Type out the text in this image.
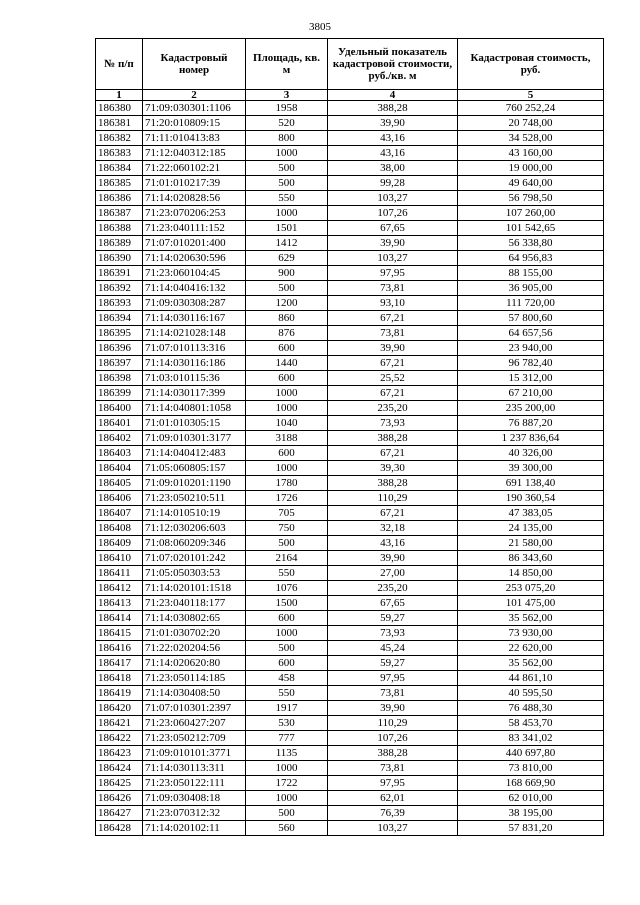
3805
№ п/п	Кадастровый номер	Площадь, кв. м	Удельный показатель кадастровой стоимости, руб./кв. м	Кадастровая стоимость, руб.
1	2	3	4	5
186380	71:09:030301:1106	1958	388,28	760 252,24
186381	71:20:010809:15	520	39,90	20 748,00
186382	71:11:010413:83	800	43,16	34 528,00
186383	71:12:040312:185	1000	43,16	43 160,00
186384	71:22:060102:21	500	38,00	19 000,00
186385	71:01:010217:39	500	99,28	49 640,00
186386	71:14:020828:56	550	103,27	56 798,50
186387	71:23:070206:253	1000	107,26	107 260,00
186388	71:23:040111:152	1501	67,65	101 542,65
186389	71:07:010201:400	1412	39,90	56 338,80
186390	71:14:020630:596	629	103,27	64 956,83
186391	71:23:060104:45	900	97,95	88 155,00
186392	71:14:040416:132	500	73,81	36 905,00
186393	71:09:030308:287	1200	93,10	111 720,00
186394	71:14:030116:167	860	67,21	57 800,60
186395	71:14:021028:148	876	73,81	64 657,56
186396	71:07:010113:316	600	39,90	23 940,00
186397	71:14:030116:186	1440	67,21	96 782,40
186398	71:03:010115:36	600	25,52	15 312,00
186399	71:14:030117:399	1000	67,21	67 210,00
186400	71:14:040801:1058	1000	235,20	235 200,00
186401	71:01:010305:15	1040	73,93	76 887,20
186402	71:09:010301:3177	3188	388,28	1 237 836,64
186403	71:14:040412:483	600	67,21	40 326,00
186404	71:05:060805:157	1000	39,30	39 300,00
186405	71:09:010201:1190	1780	388,28	691 138,40
186406	71:23:050210:511	1726	110,29	190 360,54
186407	71:14:010510:19	705	67,21	47 383,05
186408	71:12:030206:603	750	32,18	24 135,00
186409	71:08:060209:346	500	43,16	21 580,00
186410	71:07:020101:242	2164	39,90	86 343,60
186411	71:05:050303:53	550	27,00	14 850,00
186412	71:14:020101:1518	1076	235,20	253 075,20
186413	71:23:040118:177	1500	67,65	101 475,00
186414	71:14:030802:65	600	59,27	35 562,00
186415	71:01:030702:20	1000	73,93	73 930,00
186416	71:22:020204:56	500	45,24	22 620,00
186417	71:14:020620:80	600	59,27	35 562,00
186418	71:23:050114:185	458	97,95	44 861,10
186419	71:14:030408:50	550	73,81	40 595,50
186420	71:07:010301:2397	1917	39,90	76 488,30
186421	71:23:060427:207	530	110,29	58 453,70
186422	71:23:050212:709	777	107,26	83 341,02
186423	71:09:010101:3771	1135	388,28	440 697,80
186424	71:14:030113:311	1000	73,81	73 810,00
186425	71:23:050122:111	1722	97,95	168 669,90
186426	71:09:030408:18	1000	62,01	62 010,00
186427	71:23:070312:32	500	76,39	38 195,00
186428	71:14:020102:11	560	103,27	57 831,20
